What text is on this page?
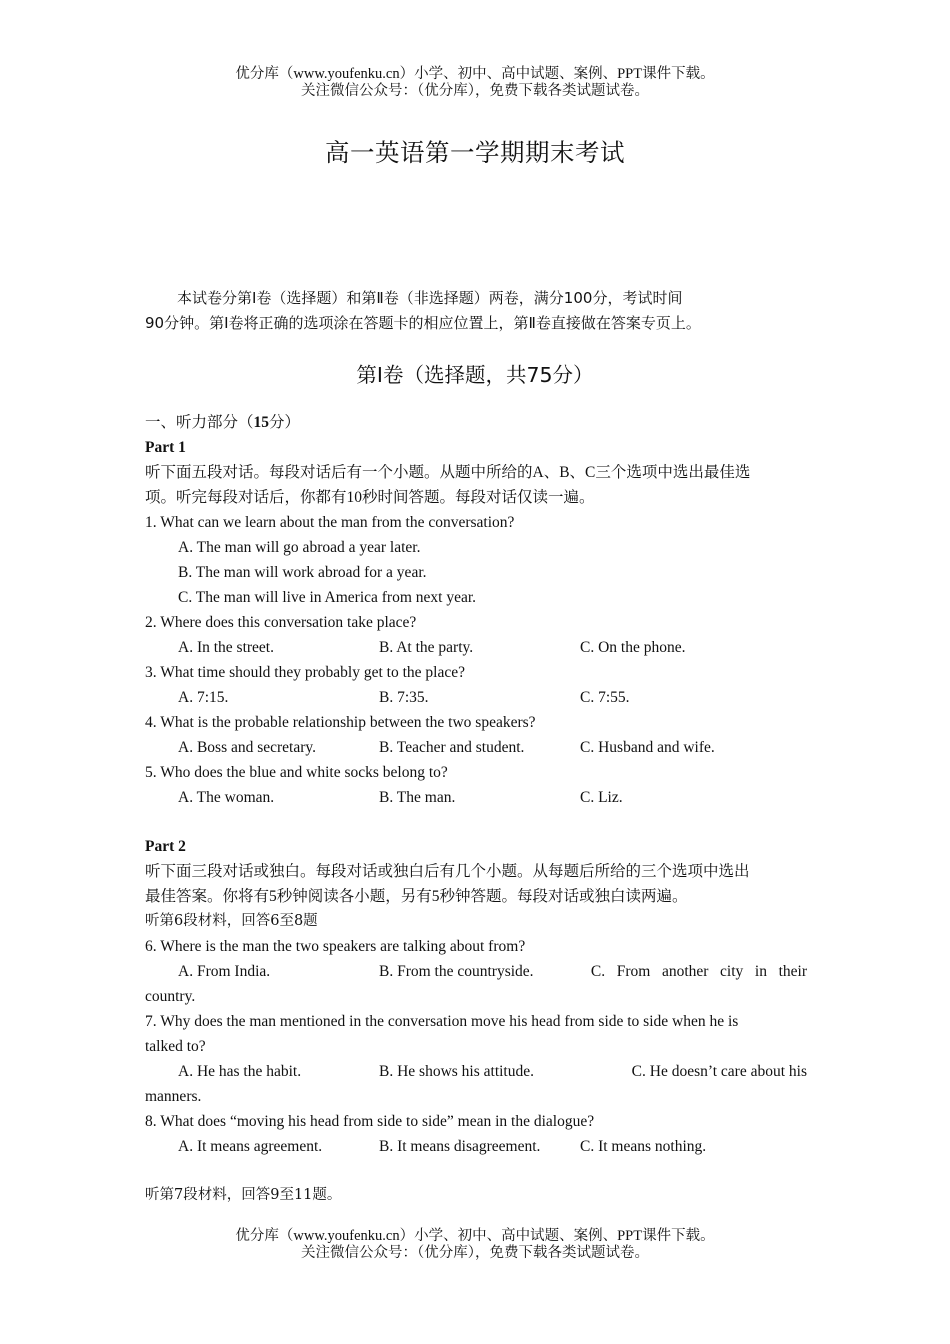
优分库（www.youfenku.cn）小学、初中、高中试题、案例、PPT课件下载。
关注微信公众号：（优分库），免费下载各类试题试卷。
高一英语第一学期期末考试
本试卷分第Ⅰ卷（选择题）和第Ⅱ卷（非选择题）两卷，满分100分，考试时间
90分钟。第Ⅰ卷将正确的选项涂在答题卡的相应位置上，第Ⅱ卷直接做在答案专页上。
第Ⅰ卷（选择题，共75分）
一、听力部分（15分）
Part 1
听下面五段对话。每段对话后有一个小题。从题中所给的A、B、C三个选项中选出最佳选
项。听完每段对话后，你都有10秒时间答题。每段对话仅读一遍。
1. What can we learn about the man from the conversation?
A. The man will go abroad a year later.
B. The man will work abroad for a year.
C. The man will live in America from next year.
2. Where does this conversation take place?
A. In the street.	B. At the party.	C. On the phone.
3. What time should they probably get to the place?
A. 7:15.	B. 7:35.	C. 7:55.
4. What is the probable relationship between the two speakers?
A. Boss and secretary.	B. Teacher and student.	C. Husband and wife.
5. Who does the blue and white socks belong to?
A. The woman.	B. The man.	C. Liz.
Part 2
听下面三段对话或独白。每段对话或独白后有几个小题。从每题后所给的三个选项中选出
最佳答案。你将有5秒钟阅读各小题，另有5秒钟答题。每段对话或独白读两遍。
听第6段材料，回答6至8题
6. Where is the man the two speakers are talking about from?
A. From India.	B. From the countryside.	C.   From   another   city   in   their
country.
7. Why does the man mentioned in the conversation move his head from side to side when he is
talked to?
A. He has the habit.	B. He shows his attitude.	C. He doesn’t care about his
manners.
8. What does “moving his head from side to side” mean in the dialogue?
A. It means agreement.	B. It means disagreement.	C. It means nothing.
听第7段材料，回答9至11题。
优分库（www.youfenku.cn）小学、初中、高中试题、案例、PPT课件下载。
关注微信公众号：（优分库），免费下载各类试题试卷。
